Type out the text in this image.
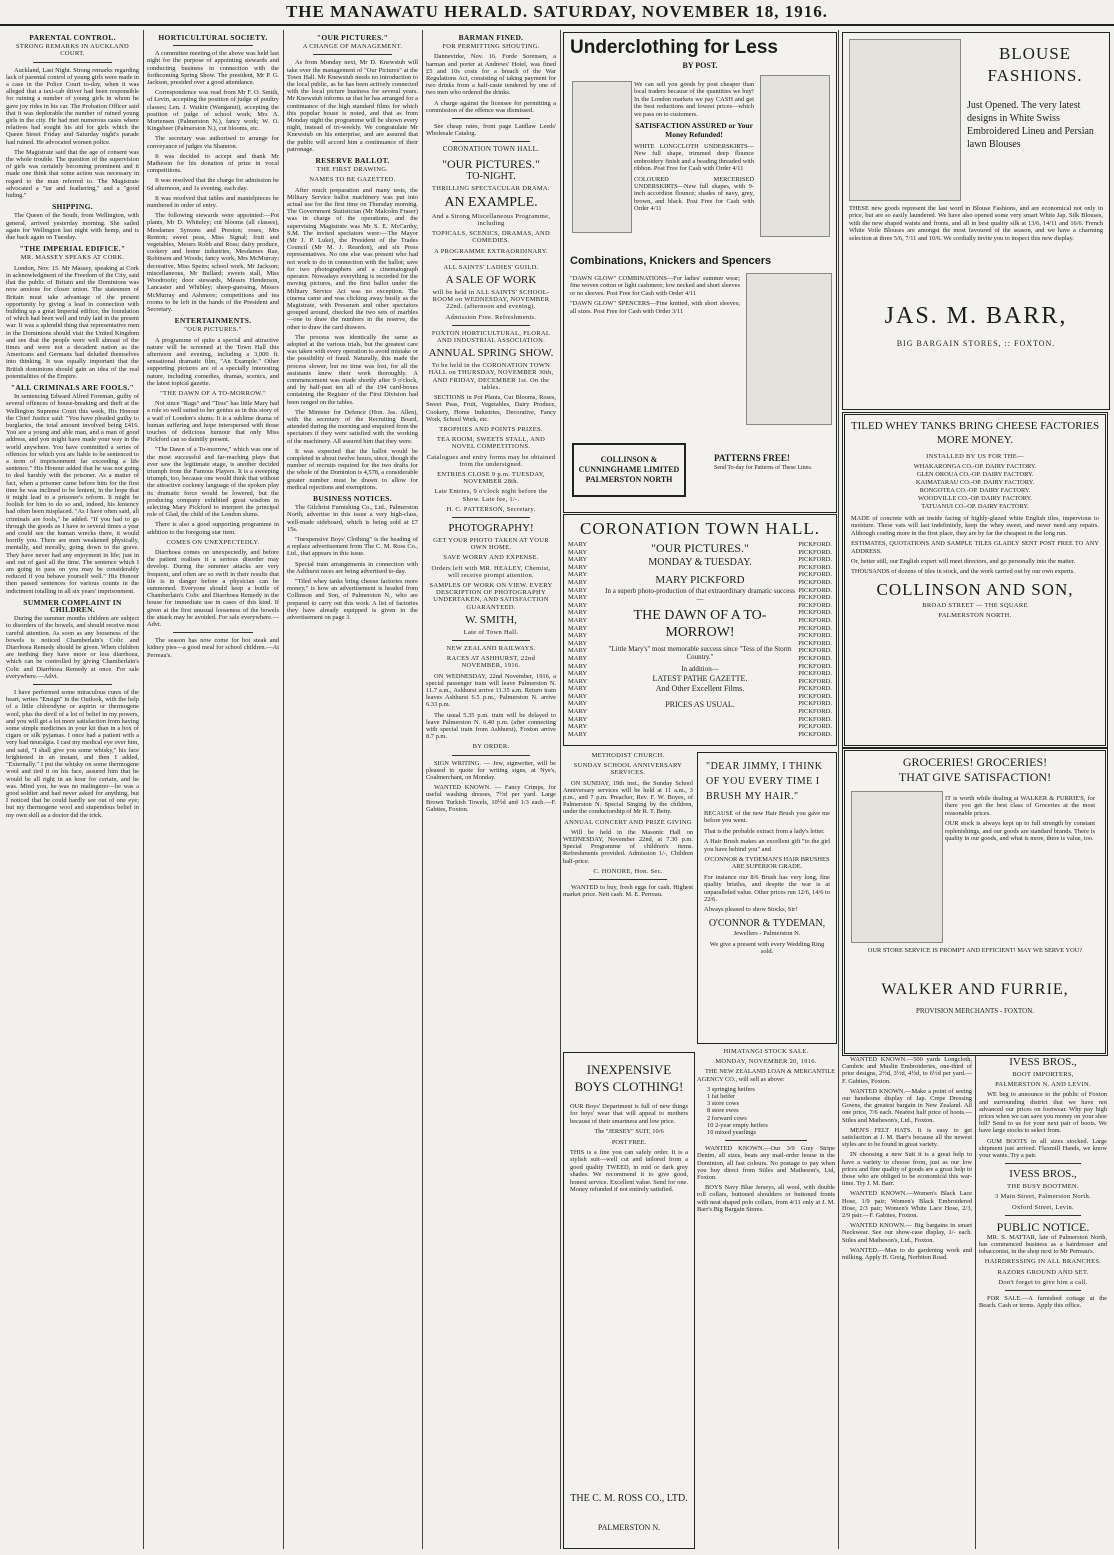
THE MANAWATU HERALD. SATURDAY, NOVEMBER 18, 1916.
PARENTAL CONTROL.
STRONG REMARKS IN AUCKLAND COURT.

Auckland, Last Night. Strong remarks regarding lack of parental control of young girls were made in a case in the Police Court to-day, when it was alleged that a taxi-cab driver had been responsible for ruining a number of young girls in whom he gave joy rides in his car. The Probation Officer said that it was deplorable the number of ruined young girls in the city. He had met numerous cases where relatives had sought his aid for girls which the Queen Street Friday and Saturday night's parade had ruined. He advocated women police.

The Magistrate said that the age of consent was the whole trouble. The question of the supervision of girls was certainly becoming prominent and it made one think that some action was necessary in regard to the man referred to. The Magistrate advocated a "tar and feathering," and a "good hiding."

SHIPPING.

The Queen of the South, from Wellington, with general, arrived yesterday morning. She sailed again for Wellington last night with hemp, and is due back again on Tuesday.

"THE IMPERIAL EDIFICE."
MR. MASSEY SPEAKS AT CORK.

London, Nov. 15. Mr Massey, speaking at Cork in acknowledgment of the Freedom of the City, said that the public of Britain and the Dominions was now anxious for closer union. The statesmen of Britain must take advantage of the present opportunity by giving a lead in connection with building up a great Imperial edifice, the foundation of which had been well and truly laid in the present war. It was a splendid thing that representative men in the Dominions should visit the United Kingdom and see that the people were well abreast of the times and were not a decadent nation as the Americans and Germans had deluded themselves into thinking. It was equally important that the British dominions should gain an idea of the real potentialities of the Empire.

"ALL CRIMINALS ARE FOOLS."

In sentencing Edward Alfred Foreman, guilty of several offences of house-breaking and theft at the Wellington Supreme Court this week, His Honour the Chief Justice said: "You have pleaded guilty to burglaries, the total amount involved being £416. You are a young and able man, and a man of good address, and you might have made your way in the world anywhere. You have committed a series of offences for which you are liable to be sentenced to a term of imprisonment far exceeding a life sentence." His Honour added that he was not going to deal harshly with the prisoner. As a matter of fact, when a prisoner came before him for the first time he was inclined to be lenient, in the hope that it might lead to a prisoner's reform. It might be foolish for him to do so and, indeed, his leniency had often been misplaced. "As I have often said, all criminals are fools," he added. "If you had to go through the goods as I have to several times a year and could see the human wrecks there, it would horrify you. There are men weakened physically, mentally, and morally, going down to the grave. They have never had any enjoyment in life; just in and out of gaol all the time. The sentence which I am going to pass on you may be considerably reduced if you behave yourself well." His Honour then passed sentences for various counts in the indictment totalling in all six years' imprisonment.

SUMMER COMPLAINT IN CHILDREN.

During the summer months children are subject to disorders of the bowels, and should receive most careful attention. As soon as any looseness of the bowels is noticed Chamberlain's Colic and Diarrhoea Remedy should be given. When children are teething they have more or less diarrhoea, which can be controlled by giving Chamberlain's Colic and Diarrhoea Remedy at once. For sale everywhere.—Advt.

I have performed some miraculous cures of the heart, writes "Ensign" in the Outlook, with the help of a little chlorodyne or aspirin or thermogene wool, plus the devil of a lot of belief in my powers, and you will get a lot more satisfaction from having some simple medicines in your kit than in a box of cigars or silk pyjamas. I once had a patient with a very bad neuralgia. I cast my medical eye over him, and said, "I shall give you some whisky," his face brightened in an instant, and then I added, "Externally." I put the whisky on some thermogene wool and tied it on his face, assured him that he would be all right in an hour for certain, and he was. Mind you, he was no malingerer—he was a good soldier and had never asked for anything, but I noticed that he could hardly see out of one eye; but my thermogene wool and stupendous belief in my own skill as a doctor did the trick.

HORTICULTURAL SOCIETY.

A committee meeting of the above was held last night for the purpose of appointing stewards and conducting business in connection with the forthcoming Spring Show. The president, Mr P. G. Jackson, presided over a good attendance.

Correspondence was read from Mr F. O. Smith, of Levin, accepting the position of judge of poultry classes; Len. J. Watkin (Wanganui), accepting the position of judge of school work; Mrs A. Mortensen (Palmerston N.), fancy work; W. O. Kingsbeer (Palmerston N.), cut blooms, etc.

The secretary was authorised to arrange for conveyance of judges via Shannon.

It was decided to accept and thank Mr Matheson for his donation of prize in vocal competitions.

It was resolved that the charge for admission be 6d afternoon, and 1s evening, each day.

It was resolved that tables and mantelpieces be numbered in order of entry.

The following stewards were appointed:—Pot plants, Mr D. Whiteley; cut blooms (all classes), Mesdames Symons and Preston; roses, Mrs Renton; sweet peas, Miss Signal; fruit and vegetables, Messrs Robb and Ross; dairy produce, cookery and home industries, Mesdames Rae, Robinson and Woods; fancy work, Mrs McMurray; decorative, Miss Speirs; school work, Mr Jackson; miscellaneous, Mr Bullard; sweets stall, Miss Woodroofe; door stewards, Messrs Henderson, Lancaster and Whibley; sheep-guessing, Messrs McMurray and Ashmore; competitions and tea rooms to be left in the hands of the President and Secretary.

ENTERTAINMENTS.
"OUR PICTURES."

A programme of quite a special and attractive nature will be screened at the Town Hall this afternoon and evening, including a 3,000 ft. sensational dramatic film, "An Example." Other supporting pictures are of a specially interesting nature, including comedies, dramas, scenics, and the latest topical gazette.

"THE DAWN OF A TO-MORROW."

Not since "Rags" and "Tess" has little Mary had a role so well suited to her genius as in this story of a waif of London's slums. It is a sublime drama of human suffering and hope interspersed with those touches of delicious humour that only Miss Pickford can so daintily present.

"The Dawn of a To-morrow," which was one of the most successful and far-reaching plays that ever saw the legitimate stage, is another decided triumph from the Famous Players. It is a sweeping triumph, too, because one would think that without the attractive cockney language of the spoken play its dramatic force would be lowered, but the producing company exhibited great wisdom in selecting Mary Pickford to interpret the principal role of Glad, the child of the London slums.

There is also a good supporting programme in addition to the foregoing star item.

COMES ON UNEXPECTEDLY.

Diarrhoea comes on unexpectedly, and before the patient realises it a serious disorder may develop. During the summer attacks are very frequent, and often are so swift in their results that life is in danger before a physician can be summoned. Everyone should keep a bottle of Chamberlain's Colic and Diarrhoea Remedy in the house for immediate use in cases of this kind. If given at the first unusual looseness of the bowels the attack may be avoided. For sale everywhere.—Advt.

The season has now come for hot steak and kidney pies—a good meal for school children.—At Perreau's.

"OUR PICTURES."
A CHANGE OF MANAGEMENT.

As from Monday next, Mr D. Knewstub will take over the management of "Our Pictures" at the Town Hall. Mr Knewstub needs no introduction to the local public, as he has been actively connected with the local picture business for several years. Mr Knewstub informs us that he has arranged for a continuance of the high standard films for which this popular house is noted, and that as from Monday night the programme will be shown every night, instead of tri-weekly. We congratulate Mr Knewstub on his enterprise, and are assured that the public will accord him a continuance of their patronage.

RESERVE BALLOT.
THE FIRST DRAWING.
NAMES TO BE GAZETTED.

After much preparation and many tests, the Military Service ballot machinery was put into actual use for the first time on Thursday morning. The Government Statistician (Mr Malcolm Fraser) was in charge of the operations, and the supervising Magistrate was Mr S. E. McCarthy, S.M. The invited spectators were:—The Mayor (Mr J. P. Luke), the President of the Trades Council (Mr M. J. Reardon), and six Press representatives. No one else was present who had not work to do in connection with the ballot; save for two photographers and a cinematograph operator. Nowadays everything is recorded for the moving pictures, and the first ballot under the Military Service Act was no exception. The cinema came and was clicking away busily as the Magistrate, with Pressmen and other spectators grouped around, checked the two sets of marbles—one to draw the numbers in the reserve, the other to draw the card drawers.

The process was identically the same as adopted at the various trials, but the greatest care was taken with every operation to avoid mistake or the possibility of fraud. Naturally, this made the process slower, but no time was lost, for all the assistants knew their work thoroughly. A commencement was made shortly after 9 o'clock, and by half-past ten all of the 194 card-boxes containing the Register of the First Division had been ranged on the tables.

The Minister for Defence (Hon. Jas. Allen), with the secretary of the Recruiting Board, attended during the morning and enquired from the spectators if they were satisfied with the working of the machinery. All assured him that they were.

It was expected that the ballot would be completed in about twelve hours, since, though the number of recruits required for the two drafts for the whole of the Dominion is 4,578, a considerable greater number must be drawn to allow for medical rejections and exemptions.

BUSINESS NOTICES.

The Gilchrist Furnishing Co., Ltd., Palmerston North, advertise in this issue a very high-class, well-made sideboard, which is being sold at £7 15s.

"Inexpensive Boys' Clothing" is the heading of a replace advertisement from The C. M. Ross Co., Ltd., that appears in this issue.

Special train arrangements in connection with the Ashhurst races are being advertised to-day.

"Tiled whey tanks bring cheese factories more money," is how an advertisement is headed from Collinson and Son, of Palmerston N., who are prepared to carry out this work. A list of factories they have already equipped is given in the advertisement on page 3.

BARMAN FINED.
FOR PERMITTING SHOUTING.

Dannevirke, Nov. 16. Forde Sorensen, a barman and porter at Andrews' Hotel, was fined £5 and 10s costs for a breach of the War Regulations Act, consisting of taking payment for two drinks from a half-caste tendered by one of two men who ordered the drinks.

A charge against the licensee for permitting a commission of the offence was dismissed.

See cheap rates, front page Laidlaw Leeds' Wholesale Catalog.

CORONATION TOWN HALL.
"OUR PICTURES."
TO-NIGHT.
THRILLING SPECTACULAR DRAMA:
AN EXAMPLE.
And a Strong Miscellaneous Programme, including
TOPICALS, SCENICS, DRAMAS, AND COMEDIES.
A PROGRAMME EXTRAORDINARY.
ALL SAINTS' LADIES' GUILD.
A SALE OF WORK
will be held in ALL SAINTS' SCHOOL-ROOM on WEDNESDAY, NOVEMBER 22nd. (afternoon and evening).
Admission Free. Refreshments.
FOXTON HORTICULTURAL, FLORAL AND INDUSTRIAL ASSOCIATION.
ANNUAL SPRING SHOW.
To be held in the CORONATION TOWN HALL on THURSDAY, NOVEMBER 30th, AND FRIDAY, DECEMBER 1st. On the tables.

SECTIONS in Pot Plants, Cut Blooms, Roses, Sweet Peas, Fruit, Vegetables, Dairy Produce, Cookery, Home Industries, Decorative, Fancy Work, School Work, etc.

TROPHIES AND POINTS PRIZES.
TEA ROOM, SWEETS STALL, AND NOVEL COMPETITIONS.
Catalogues and entry forms may be obtained from the undersigned.
ENTRIES CLOSE 9 p.m. TUESDAY, NOVEMBER 28th.
Late Entries, 9 o'clock night before the Show. Late fee, 1/-.
H. C. PATTERSON, Secretary.
PHOTOGRAPHY!
GET YOUR PHOTO TAKEN AT YOUR OWN HOME.
SAVE WORRY AND EXPENSE.
Orders left with MR. HEALEY, Chemist, will receive prompt attention.
SAMPLES OF WORK ON VIEW. EVERY DESCRIPTION OF PHOTOGRAPHY UNDERTAKEN, AND SATISFACTION GUARANTEED.
W. SMITH,
Late of Town Hall.
NEW ZEALAND RAILWAYS.
RACES AT ASHHURST, 22nd NOVEMBER, 1916.

ON WEDNESDAY, 22nd November, 1916, a special passenger train will leave Palmerston N. 11.7 a.m., Ashhurst arrive 11.35 a.m. Return train leaves Ashhurst 6.5 p.m., Palmerston N. arrive 6.33 p.m.

The usual 5.35 p.m. train will be delayed to leave Palmerston N. 6.40 p.m. (after connecting with special train from Ashhurst), Foxton arrive 8.7 p.m.

BY ORDER.

SIGN WRITING. — Jew, signwriter, will be pleased to quote for writing signs, at Nye's, Coalmerchant, on Monday.

WANTED KNOWN. — Fancy Crimps, for useful washing dresses, 7½d per yard. Large Brown Turkish Towels, 10½d and 1/3 each.—F. Gabites, Foxton.

Underclothing for Less
BY POST.

We can sell you goods by post cheaper than local traders because of the quantities we buy! In the London markets we pay CASH and get the best reductions and lowest prices—which we pass on to customers.

SATISFACTION ASSURED or Your Money Refunded!

WHITE LONGCLOTH UNDERSKIRTS—New full shape, trimmed deep flounce embroidery finish and a beading threaded with ribbon. Post Free for Cash with Order 4/11

COLOURED MERCERISED UNDERSKIRTS—New full shapes, with 9-inch accordion flounce; shades of navy, grey, brown, and black. Post Free for Cash with Order 4/11

Combinations, Knickers and Spencers

"DAWN GLOW" COMBINATIONS—For ladies' summer wear; fine woven cotton or light cashmere; low necked and short sleeves or no sleeves. Post Free for Cash with Order 4/11

"DAWN GLOW" SPENCERS—Fine knitted, with short sleeves; all sizes. Post Free for Cash with Order 3/11

COLLINSON & CUNNINGHAME LIMITED PALMERSTON NORTH
PATTERNS FREE!
Send To-day for Patterns of These Lines.
BLOUSE FASHIONS.
Just Opened. The very latest designs in White Swiss Embroidered Lineu and Persian lawn Blouses
THESE new goods represent the last word in Blouse Fashions, and are economical not only in price, but are so easily laundered. We have also opened some very smart White Jap. Silk Blouses, with the new shaped waists and fronts, and all in best quality silk at 13/6, 14/11 and 16/6. French White Voile Blouses are amongst the most favoured of the season, and we have a charming selection at three 5/6, 7/11 and 10/6. We cordially invite you to inspect this new display.
JAS. M. BARR,
BIG BARGAIN STORES, :: FOXTON.
TILED WHEY TANKS BRING CHEESE FACTORIES MORE MONEY.
INSTALLED BY US FOR THE—
WHAKARONGA CO.-OP. DAIRY FACTORY.
GLEN OROUA CO.-OP. DAIRY FACTORY.
KAIMATARAU CO.-OP. DAIRY FACTORY.
RONGOTEA CO.-OP. DAIRY FACTORY.
WOODVILLE CO.-OP. DAIRY FACTORY.
TATUANUI CO.-OP. DAIRY FACTORY.

MADE of concrete with an inside facing of highly-glazed white English tiles, impervious to moisture. These vats will last indefinitely, keep the whey sweet, and never need any repairs. Although costing more in the first place, they are by far the cheapest in the long run.

ESTIMATES, QUOTATIONS AND SAMPLE TILES GLADLY SENT POST FREE TO ANY ADDRESS.

Or, better still, our English expert will meet directors, and go personally into the matter.

THOUSANDS of dozens of tiles in stock, and the work carried out by our own experts.

COLLINSON AND SON,
BROAD STREET — THE SQUARE
PALMERSTON NORTH.
CORONATION TOWN HALL.
MARY
MARY
MARY
MARY
MARY
MARY
MARY
MARY
MARY
MARY
MARY
MARY
MARY
MARY
MARY
MARY
MARY
MARY
MARY
MARY
MARY
MARY
MARY
MARY
MARY
MARY
PICKFORD.
PICKFORD.
PICKFORD.
PICKFORD.
PICKFORD.
PICKFORD.
PICKFORD.
PICKFORD.
PICKFORD.
PICKFORD.
PICKFORD.
PICKFORD.
PICKFORD.
PICKFORD.
PICKFORD.
PICKFORD.
PICKFORD.
PICKFORD.
PICKFORD.
PICKFORD.
PICKFORD.
PICKFORD.
PICKFORD.
PICKFORD.
PICKFORD.
PICKFORD.
"OUR PICTURES."
MONDAY & TUESDAY.
MARY PICKFORD
In a superb photo-production of that extraordinary dramatic success—
THE DAWN OF A TO-MORROW!
"Little Mary's" most memorable success since "Tess of the Storm Country."
In addition—
LATEST PATHE GAZETTE.
And Other Excellent Films.
PRICES AS USUAL.
GROCERIES! GROCERIES!
THAT GIVE SATISFACTION!

IT is worth while dealing at WALKER & FURRIE'S, for there you get the best class of Groceries at the most reasonable prices.

OUR stock is always kept up to full strength by constant replenishings, and our goods are standard brands. There is quality in our goods, and what is more, there is value, too.

OUR STORE SERVICE IS PROMPT AND EFFICIENT! MAY WE SERVE YOU?
WALKER AND FURRIE,
PROVISION MERCHANTS - FOXTON.
METHODIST CHURCH.
SUNDAY SCHOOL ANNIVERSARY SERVICES.

ON SUNDAY, 19th inst., the Sunday School Anniversary services will be held at 11 a.m., 3 p.m., and 7 p.m. Preacher, Rev. F. W. Boyes, of Palmerston N. Special Singing by the children, under the conductorship of Mr R. T. Betty.

ANNUAL CONCERT AND PRIZE GIVING

Will be held in the Masonic Hall on WEDNESDAY, November 22nd, at 7.30 p.m. Special Programme of children's items. Refreshments provided. Admission 1/-, Children half-price.

C. HONORE, Hon. Sec.

WANTED to buy, fresh eggs for cash. Highest market price. Nett cash. M. E. Perreau.

"DEAR JIMMY, I THINK OF YOU EVERY TIME I BRUSH MY HAIR."

BECAUSE of the new Hair Brush you gave me before you went.

That is the probable extract from a lady's letter.

A Hair Brush makes an excellent gift "to the girl you have behind you" and

O'CONNOR & TYDEMAN'S HAIR BRUSHES ARE SUPERIOR GRADE.

For instance our 8/6 Brush has very long, fine quality bristles, and despite the war is at unparalleled value. Other prices run 12/6, 14/6 to 22/6.

Always pleased to show Stocks, Sir!

O'CONNOR & TYDEMAN,
Jewellers - Palmerston N.
We give a present with every Wedding Ring sold.
INEXPENSIVE BOYS CLOTHING!

OUR Boys' Department is full of new things for boys' wear that will appeal to mothers because of their smartness and low price.

The "JERSEY" SUIT, 10/6

POST FREE.

THIS is a fine you can safely order. It is a stylish suit—well cut and tailored from a good quality TWEED, in mid or dark grey shades. We recommend it to give good, honest service. Excellent value. Send for one. Money refunded if not entirely satisfied.

THE C. M. ROSS CO., LTD.
PALMERSTON N.
HIMATANGI STOCK SALE.
MONDAY, NOVEMBER 20, 1916.

THE NEW ZEALAND LOAN & MERCANTILE AGENCY CO., will sell as above:

3 springing heifers
1 fat heifer
3 store cows
8 store ewes
2 forward cows
10 2-year empty heifers
10 mixed yearlings

WANTED KNOWN.—Our 3/9 Grey Stripe Denim, all sizes, beats any mail-order house in the Dominion, all fast colours. No postage to pay when you buy direct from Stiles and Matheson's, Ltd, Foxton.

BOYS Navy Blue Jerseys, all wool, with double roll collars, buttoned shoulders or buttoned fronts with neat shaped polo collars, from 4/11 only at J. M. Barr's Big Bargain Stores.

WANTED KNOWN.—500 yards Longcloth, Cambric and Muslin Embroideries, one-third of prior designs, 2½d, 3½d, 4½d, to 6½d per yard.—F. Gabites, Foxton.

WANTED KNOWN.—Make a point of seeing our handsome display of Jap. Crepe Dressing Gowns, the greatest bargain in New Zealand. All one price, 7/6 each. Nearest half price of boots.—Stiles and Matheson's, Ltd., Foxton.

MEN'S FELT HATS. It is easy to get satisfaction at J. M. Barr's because all the newest styles are to be found in great variety.

IN choosing a new Suit it is a great help to have a variety to choose from, just as our low prices and fine quality of goods are a great help to those who are obliged to be economical this war-time. Try J. M. Barr.

WANTED KNOWN.—Women's Black Lace Hose, 1/9 pair; Women's Black Embroidered Hose, 2/3 pair; Women's White Lace Hose, 2/3, 2/9 pair.—F. Gabites, Foxton.

WANTED KNOWN.— Big bargains in smart Neckwear. See our show-case display, 1/- each. Stiles and Matheson's, Ltd., Foxton.

WANTED.—Man to do gardening work and milking. Apply H. Greig, Norbiton Road.

IVESS BROS.,
BOOT IMPORTERS,
PALMERSTON N. AND LEVIN.

WE beg to announce to the public of Foxton and surrounding district that we have not advanced our prices on footwear. Why pay high prices when we can save you money on your shoe bill? Send to us for your next pair of boots. We have large stocks to select from.

GUM BOOTS in all sizes stocked. Large shipment just arrived. Flaxmill Hands, we know your wants. Try a pair.

IVESS BROS.,
THE BUSY BOOTMEN.
3 Main Street, Palmerston North.
Oxford Street, Levin.
PUBLIC NOTICE.

MR. S. MATTAR, late of Palmerston North, has commenced business as a hairdresser and tobacconist, in the shop next to Mr Perreau's.

HAIRDRESSING IN ALL BRANCHES.
RAZORS GROUND AND SET.
Don't forget to give him a call.

FOR SALE.—A furnished cottage at the Beach. Cash or terms. Apply this office.
